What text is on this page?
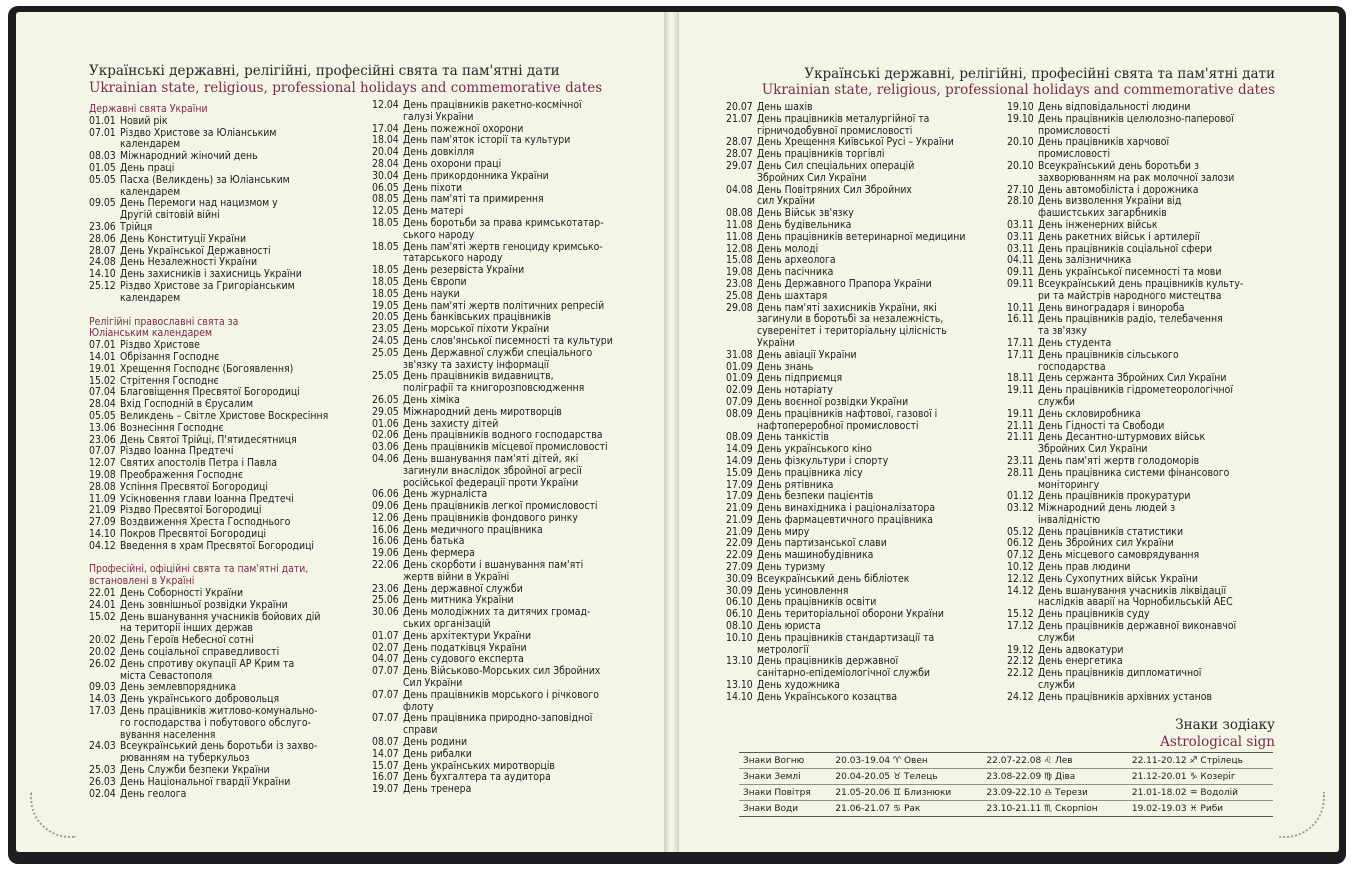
Українські державні, релігійні, професійні свята та пам'ятні дати
Ukrainian state, religious, professional holidays and commemorative dates
Українські державні, релігійні, професійні свята та пам'ятні дати
Ukrainian state, religious, professional holidays and commemorative dates
Державні свята України
01.01 Новий рік
07.01 Різдво Христове за Юліанським
календарем
08.03 Міжнародний жіночий день
01.05 День праці
05.05 Пасха (Великдень) за Юліанським
календарем
09.05 День Перемоги над нацизмом у
Другій світовій війні
23.06 Трійця
28.06 День Конституції України
28.07 День Української Державності
24.08 День Незалежності України
14.10 День захисників і захисниць України
25.12 Різдво Христове за Григоріанським
календарем
Релігійні православні свята за
Юліанським календарем
07.01 Різдво Христове
14.01 Обрізання Господнє
19.01 Хрещення Господнє (Богоявлення)
15.02 Стрітення Господнє
07.04 Благовіщення Пресвятої Богородиці
28.04 Вхід Господній в Єрусалим
05.05 Великдень – Світле Христове Воскресіння
13.06 Вознесіння Господнє
23.06 День Святої Трійці, П'ятидесятниця
07.07 Різдво Іоанна Предтечі
12.07 Святих апостолів Петра і Павла
19.08 Преображення Господнє
28.08 Успіння Пресвятої Богородиці
11.09 Усікновення глави Іоанна Предтечі
21.09 Різдво Пресвятої Богородиці
27.09 Воздвиження Хреста Господнього
14.10 Покров Пресвятої Богородиці
04.12 Введення в храм Пресвятої Богородиці
Професійні, офіційні свята та пам'ятні дати,
встановлені в Україні
22.01 День Соборності України
24.01 День зовнішньої розвідки України
15.02 День вшанування учасників бойових дій
на території інших держав
20.02 День Героїв Небесної сотні
20.02 День соціальної справедливості
26.02 День спротиву окупації АР Крим та
міста Севастополя
09.03 День землевпорядника
14.03 День українського добровольця
17.03 День працівників житлово-комунально-
го господарства і побутового обслуго-
вування населення
24.03 Всеукраїнський день боротьби із захво-
рюванням на туберкульоз
25.03 День Служби безпеки України
26.03 День Національної гвардії України
02.04 День геолога
12.04 День працівників ракетно-космічної
галузі України
17.04 День пожежної охорони
18.04 День пам'яток історії та культури
20.04 День довкілля
28.04 День охорони праці
30.04 День прикордонника України
06.05 День піхоти
08.05 День пам'яті та примирення
12.05 День матері
18.05 День боротьби за права кримськотатар-
ського народу
18.05 День пам'яті жертв геноциду кримсько-
татарського народу
18.05 День резервіста України
18.05 День Європи
18.05 День науки
19.05 День пам'яті жертв політичних репресій
20.05 День банківських працівників
23.05 День морської піхоти України
24.05 День слов'янської писемності та культури
25.05 День Державної служби спеціального
зв'язку та захисту інформації
25.05 День працівників видавництв,
поліграфії та книгорозповсюдження
26.05 День хіміка
29.05 Міжнародний день миротворців
01.06 День захисту дітей
02.06 День працівників водного господарства
03.06 День працівників місцевої промисловості
04.06 День вшанування пам'яті дітей, які
загинули внаслідок збройної агресії
російської федерації проти України
06.06 День журналіста
09.06 День працівників легкої промисловості
12.06 День працівників фондового ринку
16.06 День медичного працівника
16.06 День батька
19.06 День фермера
22.06 День скорботи і вшанування пам'яті
жертв війни в Україні
23.06 День державної служби
25.06 День митника України
30.06 День молодіжних та дитячих громад-
ських організацій
01.07 День архітектури України
02.07 День податківця України
04.07 День судового експерта
07.07 День Військово-Морських сил Збройних
Сил України
07.07 День працівників морського і річкового
флоту
07.07 День працівника природно-заповідної
справи
08.07 День родини
14.07 День рибалки
15.07 День українських миротворців
16.07 День бухгалтера та аудитора
19.07 День тренера
20.07 День шахів
21.07 День працівників металургійної та
гірничодобувної промисловості
28.07 День Хрещення Київської Русі – України
28.07 День працівників торгівлі
29.07 День Сил спеціальних операцій
Збройних Сил України
04.08 День Повітряних Сил Збройних
сил України
08.08 День Військ зв'язку
11.08 День будівельника
11.08 День працівників ветеринарної медицини
12.08 День молоді
15.08 День археолога
19.08 День пасічника
23.08 День Державного Прапора України
25.08 День шахтаря
29.08 День пам'яті захисників України, які
загинули в боротьбі за незалежність,
суверенітет і територіальну цілісність
України
31.08 День авіації України
01.09 День знань
01.09 День підприємця
02.09 День нотаріату
07.09 День воєнної розвідки України
08.09 День працівників нафтової, газової і
нафтопереробної промисловості
08.09 День танкістів
14.09 День українського кіно
14.09 День фізкультури і спорту
15.09 День працівника лісу
17.09 День рятівника
17.09 День безпеки пацієнтів
21.09 День винахідника і раціоналізатора
21.09 День фармацевтичного працівника
21.09 День миру
22.09 День партизанської слави
22.09 День машинобудівника
27.09 День туризму
30.09 Всеукраїнський день бібліотек
30.09 День усиновлення
06.10 День працівників освіти
06.10 День територіальної оборони України
08.10 День юриста
10.10 День працівників стандартизації та
метрології
13.10 День працівників державної
санітарно-епідеміологічної служби
13.10 День художника
14.10 День Українського козацтва
19.10 День відповідальності людини
19.10 День працівників целюлозно-паперової
промисловості
20.10 День працівників харчової
промисловості
20.10 Всеукраїнський день боротьби з
захворюванням на рак молочної залози
27.10 День автомобіліста і дорожника
28.10 День визволення України від
фашистських загарбників
03.11 День інженерних військ
03.11 День ракетних військ і артилерії
03.11 День працівників соціальної сфери
04.11 День залізничника
09.11 День української писемності та мови
09.11 Всеукраїнський день працівників культу-
ри та майстрів народного мистецтва
10.11 День виноградаря і винороба
16.11 День працівників радіо, телебачення
та зв'язку
17.11 День студента
17.11 День працівників сільського
господарства
18.11 День сержанта Збройних Сил України
19.11 День працівників гідрометеорологічної
служби
19.11 День скловиробника
21.11 День Гідності та Свободи
21.11 День Десантно-штурмових військ
Збройних Сил України
23.11 День пам'яті жертв голодоморів
28.11 День працівника системи фінансового
моніторингу
01.12 День працівників прокуратури
03.12 Міжнародний день людей з
інвалідністю
05.12 День працівників статистики
06.12 День Збройних сил України
07.12 День місцевого самоврядування
10.12 День прав людини
12.12 День Сухопутних військ України
14.12 День вшанування учасників ліквідації
наслідків аварії на Чорнобильській АЕС
15.12 День працівників суду
17.12 День працівників державної виконавчої
служби
19.12 День адвокатури
22.12 День енергетика
22.12 День працівників дипломатичної
служби
24.12 День працівників архівних установ
Знаки зодіаку
Astrological sign
Знаки Вогню	20.03-19.04 ♈ Овен	22.07-22.08 ♌ Лев	22.11-20.12 ♐ Стрілець
Знаки Землі	20.04-20.05 ♉ Телець	23.08-22.09 ♍ Діва	21.12-20.01 ♑ Козеріг
Знаки Повітря	21.05-20.06 ♊ Близнюки	23.09-22.10 ♎ Терези	21.01-18.02 ♒ Водолій
Знаки Води	21.06-21.07 ♋ Рак	23.10-21.11 ♏ Скорпіон	19.02-19.03 ♓ Риби
